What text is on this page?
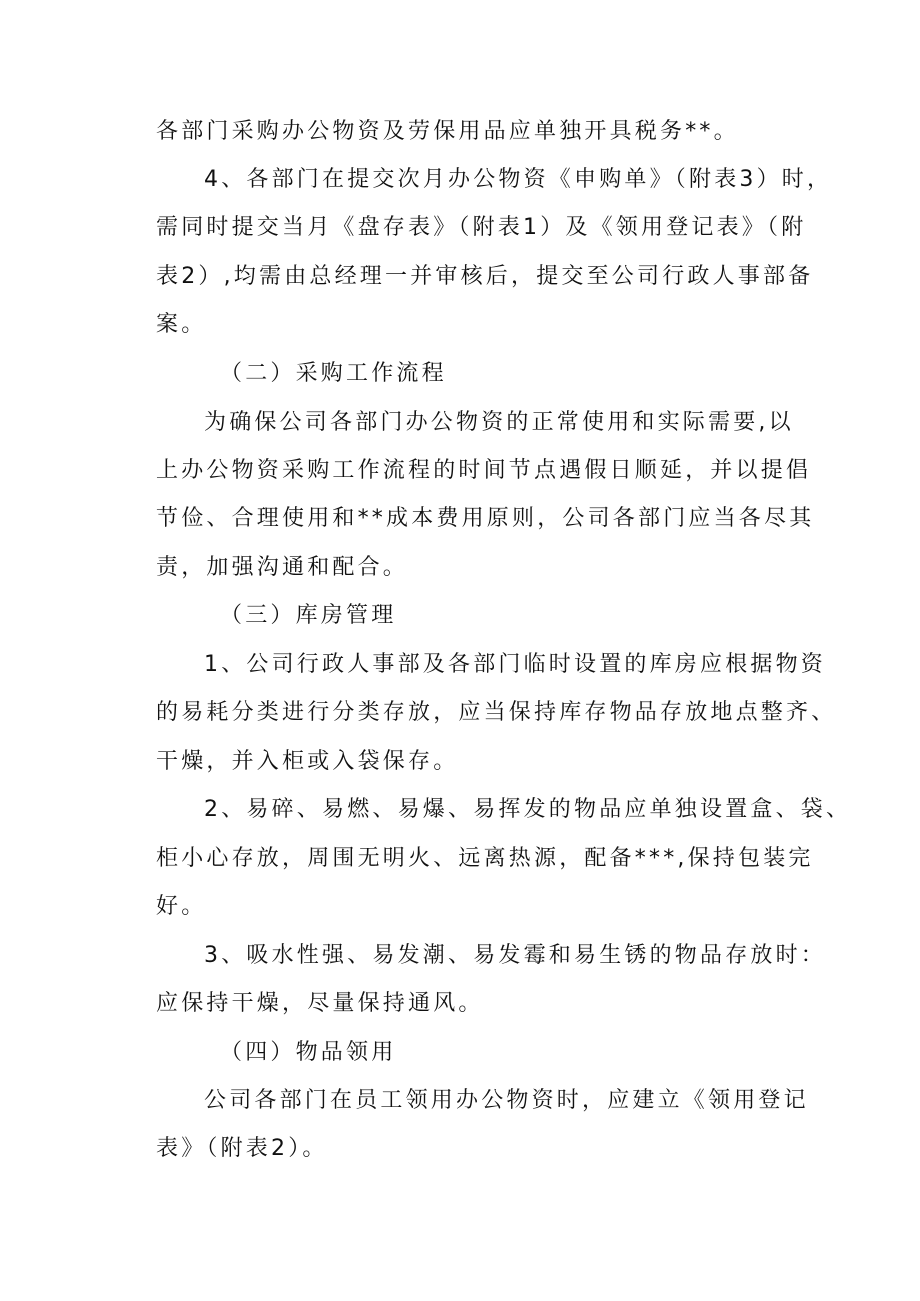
各部门采购办公物资及劳保用品应单独开具税务**。
4、各部门在提交次月办公物资《申购单》（附表3）时，
需同时提交当月《盘存表》（附表1）及《领用登记表》（附
表2）,均需由总经理一并审核后，提交至公司行政人事部备
案。
（二）采购工作流程
为确保公司各部门办公物资的正常使用和实际需要,以
上办公物资采购工作流程的时间节点遇假日顺延，并以提倡
节俭、合理使用和**成本费用原则，公司各部门应当各尽其
责，加强沟通和配合。
（三）库房管理
1、公司行政人事部及各部门临时设置的库房应根据物资
的易耗分类进行分类存放，应当保持库存物品存放地点整齐、
干燥，并入柜或入袋保存。
2、易碎、易燃、易爆、易挥发的物品应单独设置盒、袋、
柜小心存放，周围无明火、远离热源，配备***,保持包装完
好。
3、吸水性强、易发潮、易发霉和易生锈的物品存放时：
应保持干燥，尽量保持通风。
（四）物品领用
公司各部门在员工领用办公物资时，应建立《领用登记
表》（附表2）。
